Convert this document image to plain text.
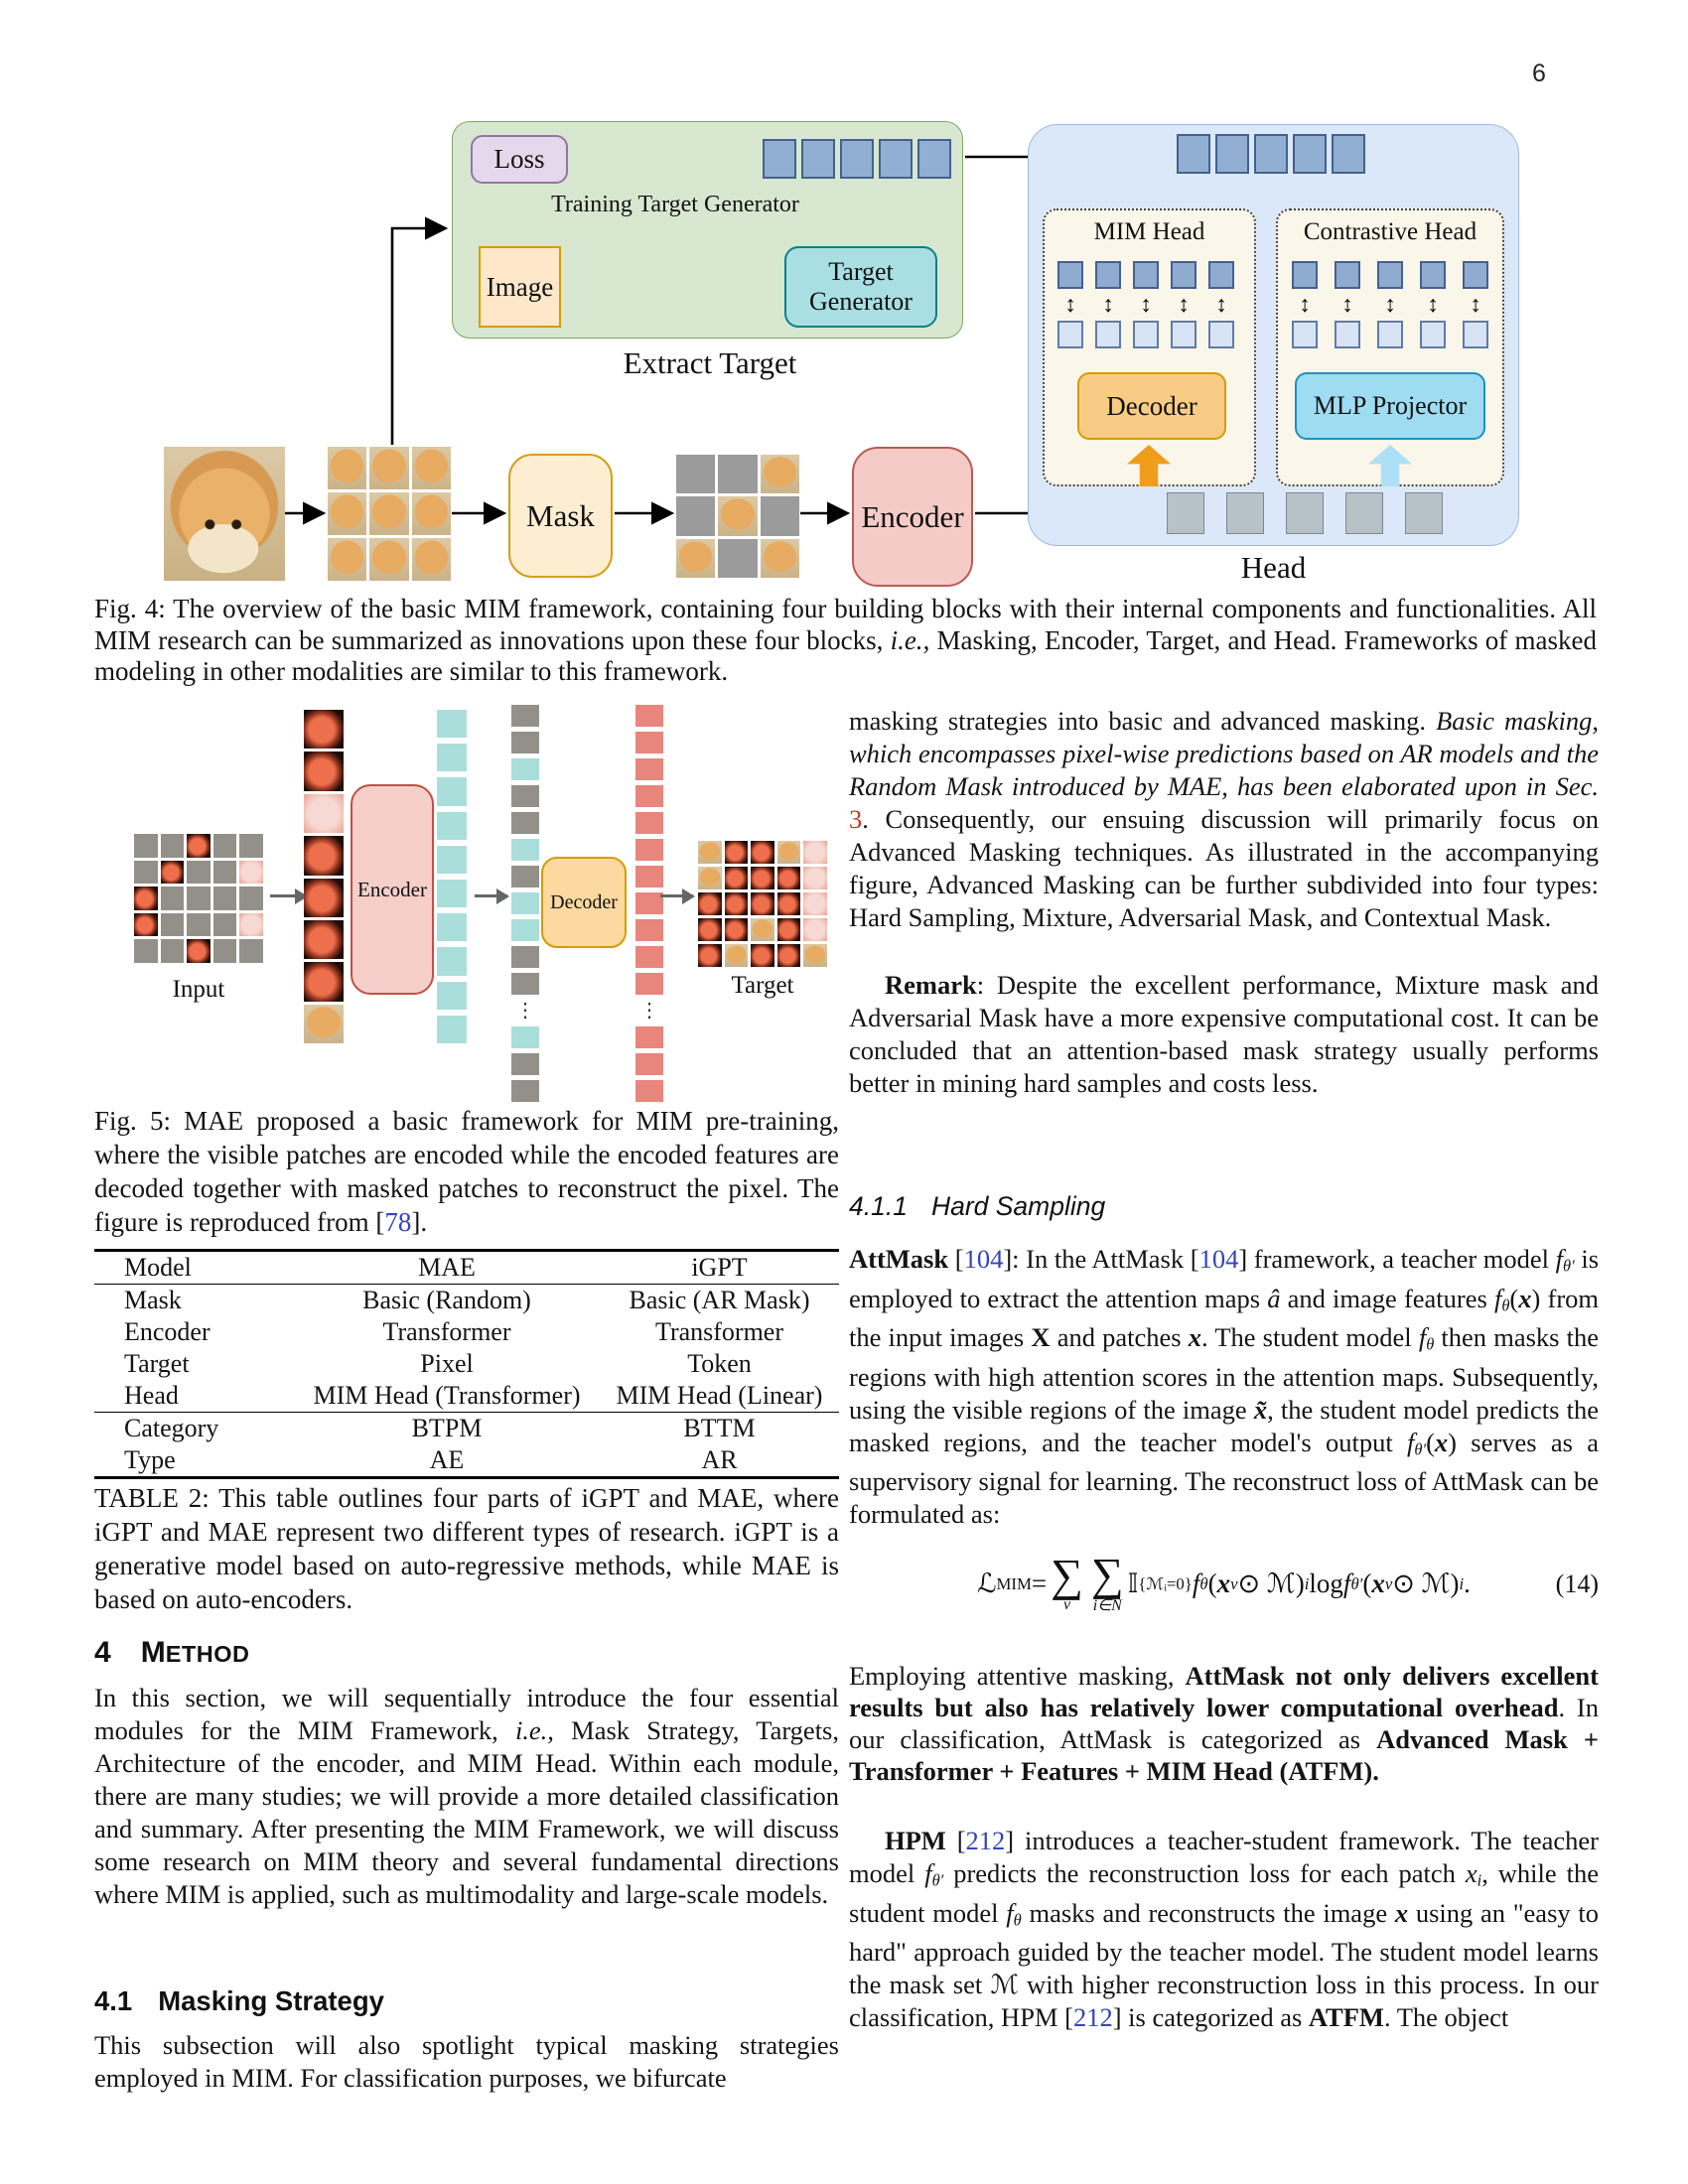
6
Loss
Training Target Generator
Image	Target Generator
Extract Target
MIM Head	Contrastive Head
↕	↕	↕	↕	↕	↕	↕	↕	↕	↕
Decoder	MLP Projector
Head
Mask	Encoder
Fig. 4: The overview of the basic MIM framework, containing four building blocks with their internal components and functionalities. All MIM research can be summarized as innovations upon these four blocks, i.e., Masking, Encoder, Target, and Head. Frameworks of masked modeling in other modalities are similar to this framework.
Input
Encoder
⋮
Decoder
⋮
Target
Fig. 5: MAE proposed a basic framework for MIM pre-training, where the visible patches are encoded while the encoded features are decoded together with masked patches to reconstruct the pixel. The figure is reproduced from [78].
Model	MAE	iGPT
Mask	Basic (Random)	Basic (AR Mask)
Encoder	Transformer	Transformer
Target	Pixel	Token
Head	MIM Head (Transformer)	MIM Head (Linear)
Category	BTPM	BTTM
Type	AE	AR
TABLE 2: This table outlines four parts of iGPT and MAE, where iGPT and MAE represent two different types of research. iGPT is a generative model based on auto-regressive methods, while MAE is based on auto-encoders.
4 METHOD
In this section, we will sequentially introduce the four essential modules for the MIM Framework, i.e., Mask Strategy, Targets, Architecture of the encoder, and MIM Head. Within each module, there are many studies; we will provide a more detailed classification and summary. After presenting the MIM Framework, we will discuss some research on MIM theory and several fundamental directions where MIM is applied, such as multimodality and large-scale models.
4.1 Masking Strategy
This subsection will also spotlight typical masking strategies employed in MIM. For classification purposes, we bifurcate
masking strategies into basic and advanced masking. Basic masking, which encompasses pixel-wise predictions based on AR models and the Random Mask introduced by MAE, has been elaborated upon in Sec. 3. Consequently, our ensuing discussion will primarily focus on Advanced Masking techniques. As illustrated in the accompanying figure, Advanced Masking can be further subdivided into four types: Hard Sampling, Mixture, Adversarial Mask, and Contextual Mask.
Remark: Despite the excellent performance, Mixture mask and Adversarial Mask have a more expensive computational cost. It can be concluded that an attention-based mask strategy usually performs better in mining hard samples and costs less.
4.1.1 Hard Sampling
AttMask [104]: In the AttMask [104] framework, a teacher model fθ′ is employed to extract the attention maps â and image features fθ(x) from the input images X and patches x. The student model fθ then masks the regions with high attention scores in the attention maps. Subsequently, using the visible regions of the image x̃, the student model predicts the masked regions, and the teacher model's output fθ′(x) serves as a supervisory signal for learning. The reconstruct loss of AttMask can be formulated as:
ℒ MIM = ∑
v
∑
i∈N
𝕀 {ℳᵢ=0} f θ ( x v ⊙ ℳ) i log f θ′ ( x v ⊙ ℳ) i .	(14)
Employing attentive masking, AttMask not only delivers excellent results but also has relatively lower computational overhead. In our classification, AttMask is categorized as Advanced Mask + Transformer + Features + MIM Head (ATFM).
HPM [212] introduces a teacher-student framework. The teacher model fθ′ predicts the reconstruction loss for each patch xi, while the student model fθ masks and reconstructs the image x using an "easy to hard" approach guided by the teacher model. The student model learns the mask set ℳ with higher reconstruction loss in this process. In our classification, HPM [212] is categorized as ATFM. The object
